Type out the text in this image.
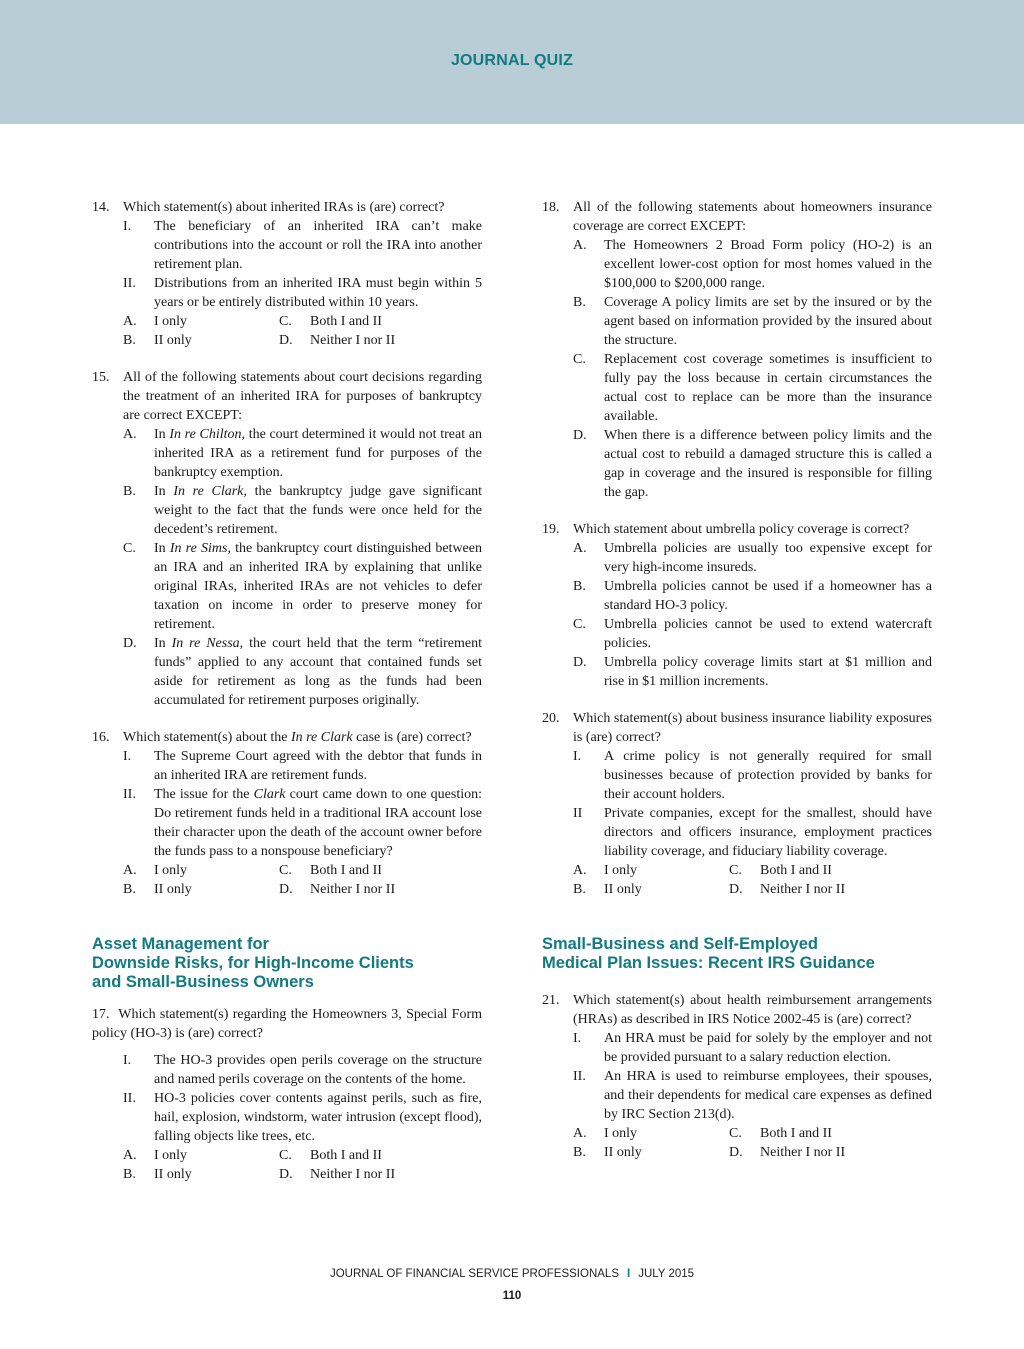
JOURNAL QUIZ
14. Which statement(s) about inherited IRAs is (are) correct?
I.	The beneficiary of an inherited IRA can’t make contributions into the account or roll the IRA into another retirement plan.
II.	Distributions from an inherited IRA must begin within 5 years or be entirely distributed within 10 years.
A.	I only	C.	Both I and II
B.	II only	D.	Neither I nor II
15. All of the following statements about court decisions regarding the treatment of an inherited IRA for purposes of bankruptcy are correct EXCEPT:
A.	In In re Chilton, the court determined it would not treat an inherited IRA as a retirement fund for purposes of the bankruptcy exemption.
B.	In In re Clark, the bankruptcy judge gave significant weight to the fact that the funds were once held for the decedent’s retirement.
C.	In In re Sims, the bankruptcy court distinguished between an IRA and an inherited IRA by explaining that unlike original IRAs, inherited IRAs are not vehicles to defer taxation on income in order to preserve money for retirement.
D.	In In re Nessa, the court held that the term “retirement funds” applied to any account that contained funds set aside for retirement as long as the funds had been accumulated for retirement purposes originally.
16. Which statement(s) about the In re Clark case is (are) correct?
I.	The Supreme Court agreed with the debtor that funds in an inherited IRA are retirement funds.
II.	The issue for the Clark court came down to one question: Do retirement funds held in a traditional IRA account lose their character upon the death of the account owner before the funds pass to a nonspouse beneficiary?
A.	I only	C.	Both I and II
B.	II only	D.	Neither I nor II
Asset Management for
Downside Risks, for High-Income Clients
and Small-Business Owners
17. Which statement(s) regarding the Homeowners 3, Special Form policy (HO-3) is (are) correct?
I.	The HO-3 provides open perils coverage on the structure and named perils coverage on the contents of the home.
II.	HO-3 policies cover contents against perils, such as fire, hail, explosion, windstorm, water intrusion (except flood), falling objects like trees, etc.
A.	I only	C.	Both I and II
B.	II only	D.	Neither I nor II
18. All of the following statements about homeowners insurance coverage are correct EXCEPT:
A.	The Homeowners 2 Broad Form policy (HO-2) is an excellent lower-cost option for most homes valued in the $100,000 to $200,000 range.
B.	Coverage A policy limits are set by the insured or by the agent based on information provided by the insured about the structure.
C.	Replacement cost coverage sometimes is insufficient to fully pay the loss because in certain circumstances the actual cost to replace can be more than the insurance available.
D.	When there is a difference between policy limits and the actual cost to rebuild a damaged structure this is called a gap in coverage and the insured is responsible for filling the gap.
19. Which statement about umbrella policy coverage is correct?
A.	Umbrella policies are usually too expensive except for very high-income insureds.
B.	Umbrella policies cannot be used if a homeowner has a standard HO-3 policy.
C.	Umbrella policies cannot be used to extend watercraft policies.
D.	Umbrella policy coverage limits start at $1 million and rise in $1 million increments.
20. Which statement(s) about business insurance liability exposures is (are) correct?
I.	A crime policy is not generally required for small businesses because of protection provided by banks for their account holders.
II	Private companies, except for the smallest, should have directors and officers insurance, employment practices liability coverage, and fiduciary liability coverage.
A.	I only	C.	Both I and II
B.	II only	D.	Neither I nor II
Small-Business and Self-Employed
Medical Plan Issues: Recent IRS Guidance
21. Which statement(s) about health reimbursement arrangements (HRAs) as described in IRS Notice 2002-45 is (are) correct?
I.	An HRA must be paid for solely by the employer and not be provided pursuant to a salary reduction election.
II.	An HRA is used to reimburse employees, their spouses, and their dependents for medical care expenses as defined by IRC Section 213(d).
A.	I only	C.	Both I and II
B.	II only	D.	Neither I nor II
JOURNAL OF FINANCIAL SERVICE PROFESSIONALS I JULY 2015
110
